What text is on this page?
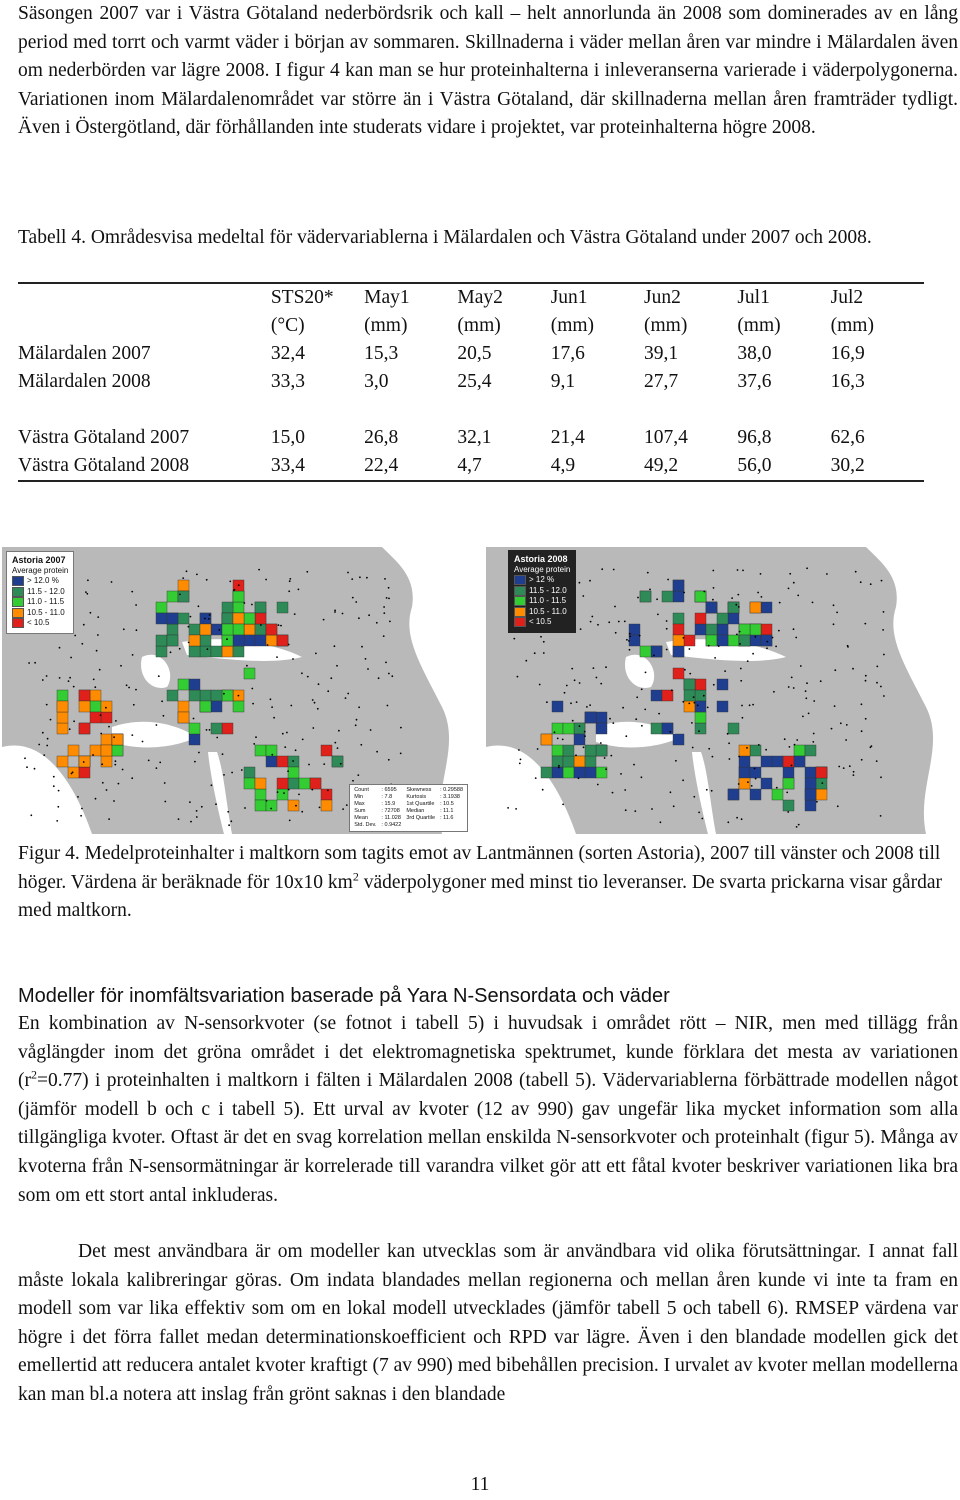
Säsongen 2007 var i Västra Götaland nederbördsrik och kall – helt annorlunda än 2008 som dominerades av en lång period med torrt och varmt väder i början av sommaren. Skillnaderna i väder mellan åren var mindre i Mälardalen även om nederbörden var lägre 2008. I figur 4 kan man se hur proteinhalterna i inleveranserna varierade i väderpolygonerna. Variationen inom Mälardalenområdet var större än i Västra Götaland, där skillnaderna mellan åren framträder tydligt. Även i Östergötland, där förhållanden inte studerats vidare i projektet, var proteinhalterna högre 2008.

Tabell 4. Områdesvisa medeltal för vädervariablerna i Mälardalen och Västra Götaland under 2007 och 2008.

	STS20*	May1	May2	Jun1	Jun2	Jul1	Jul2
	(°C)	(mm)	(mm)	(mm)	(mm)	(mm)	(mm)
Mälardalen 2007	32,4	15,3	20,5	17,6	39,1	38,0	16,9
Mälardalen 2008	33,3	3,0	25,4	9,1	27,7	37,6	16,3

Västra Götaland 2007	15,0	26,8	32,1	21,4	107,4	96,8	62,6
Västra Götaland 2008	33,4	22,4	4,7	4,9	49,2	56,0	30,2
Astoria 2007
Average protein
> 12.0 %
11.5 - 12.0
11.0 - 11.5
10.5 - 11.0
< 10.5
Count	: 6595	Skewness	: 0.29588
Min	: 7.8	Kurtosis	: 3.1938
Max	: 15.9	1st Quartile : 10.5
Sum	: 72708 Median	: 11.1
Mean	: 11.028 3rd Quartile : 11.6
Std. Dev. : 0.9422
Astoria 2008
Average protein
> 12 %
11.5 - 12.0
11.0 - 11.5
10.5 - 11.0
< 10.5

Figur 4. Medelproteinhalter i maltkorn som tagits emot av Lantmännen (sorten Astoria), 2007 till vänster och 2008 till höger. Värdena är beräknade för 10x10 $km^2$ väderpolygoner med minst tio leveranser. De svarta prickarna visar gårdar med maltkorn.

Modeller för inomfältsvariation baserade på Yara N-Sensordata och väder

En kombination av N-sensorkvoter (se fotnot i tabell 5) i huvudsak i området rött – NIR, men med tillägg från våglängder inom det gröna området i det elektromagnetiska spektrumet, kunde förklara det mesta av variationen $(r^2=0.77)$ i proteinhalten i maltkorn i fälten i Mälardalen 2008 (tabell 5). Vädervariablerna förbättrade modellen något (jämför modell b och c i tabell 5). Ett urval av kvoter (12 av 990) gav ungefär lika mycket information som alla tillgängliga kvoter. Oftast är det en svag korrelation mellan enskilda N-sensorkvoter och proteinhalt (figur 5). Många av kvoterna från N-sensormätningar är korrelerade till varandra vilket gör att ett fåtal kvoter beskriver variationen lika bra som om ett stort antal inkluderas.

Det mest användbara är om modeller kan utvecklas som är användbara vid olika förutsättningar. I annat fall måste lokala kalibreringar göras. Om indata blandades mellan regionerna och mellan åren kunde vi inte ta fram en modell som var lika effektiv som om en lokal modell utvecklades (jämför tabell 5 och tabell 6). RMSEP värdena var högre i det förra fallet medan determinationskoefficient och RPD var lägre. Även i den blandade modellen gick det emellertid att reducera antalet kvoter kraftigt (7 av 990) med bibehållen precision. I urvalet av kvoter mellan modellerna kan man bl.a notera att inslag från grönt saknas i den blandade

11
